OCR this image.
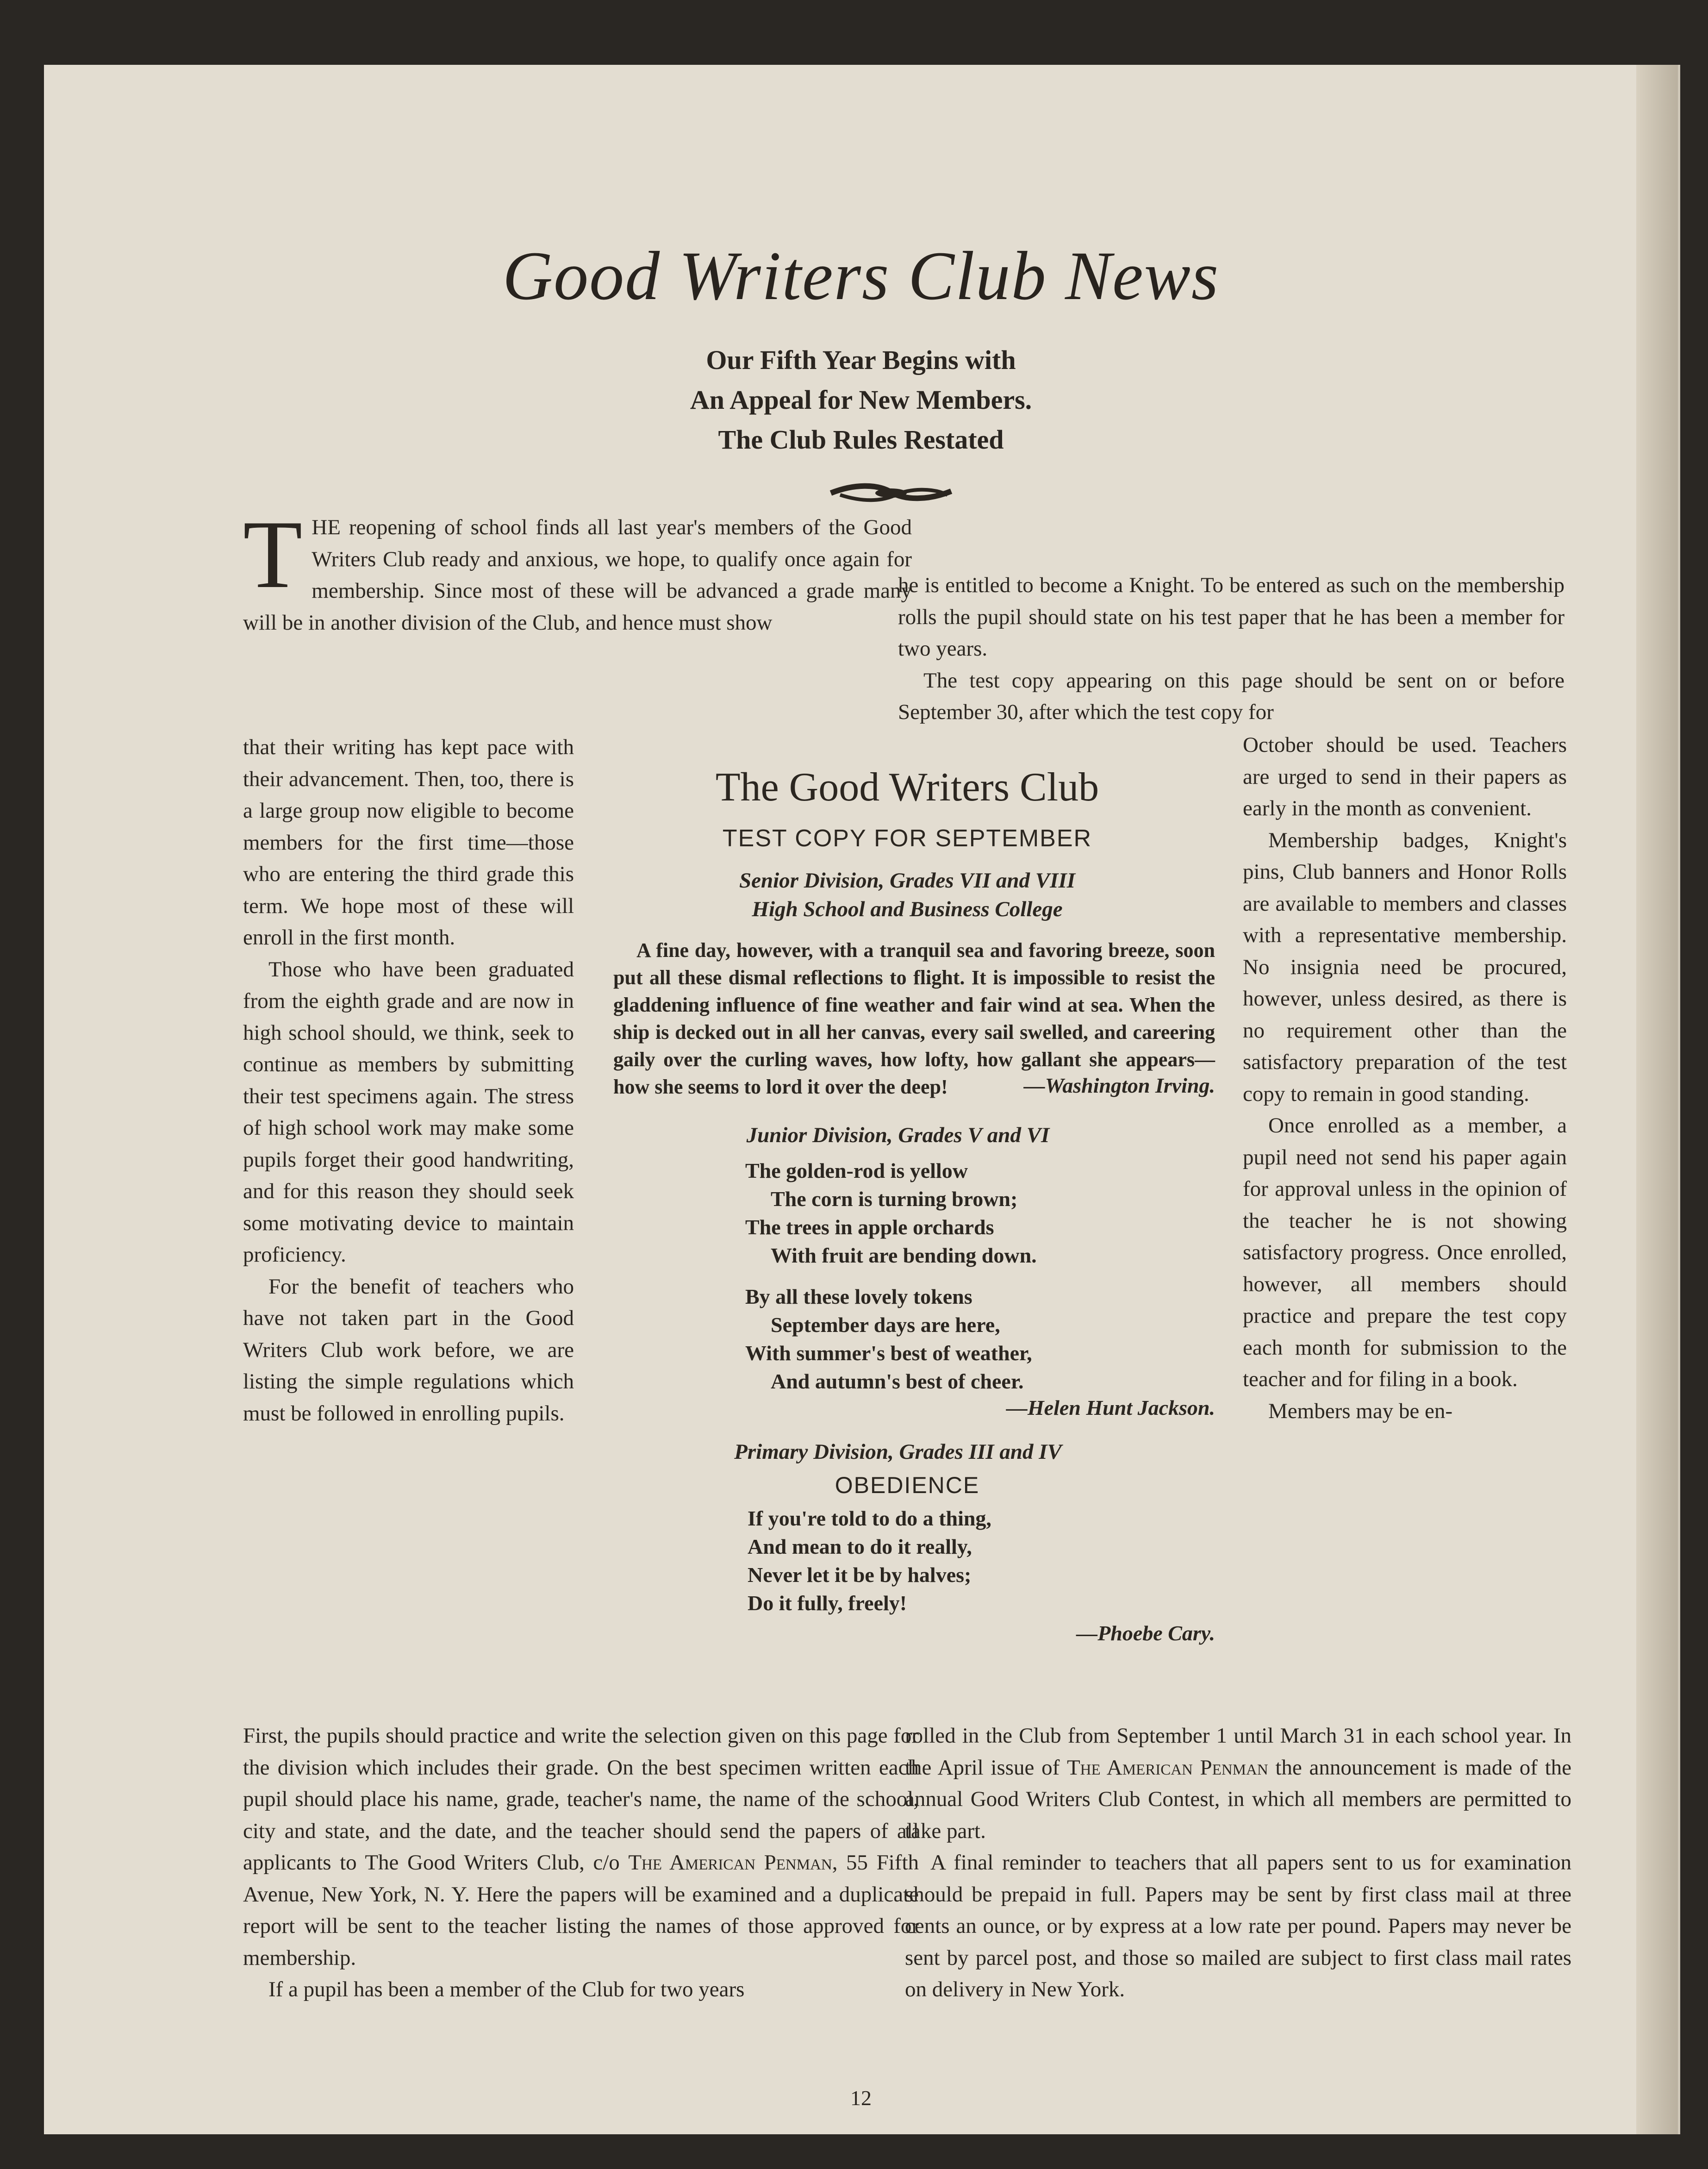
Good Writers Club News
Our Fifth Year Begins with
An Appeal for New Members.
The Club Rules Restated

THE reopening of school finds all last year's members of the Good Writers Club ready and anxious, we hope, to qualify once again for membership. Since most of these will be advanced a grade many will be in another division of the Club, and hence must show

that their writing has kept pace with their advancement. Then, too, there is a large group now eligible to become members for the first time—those who are entering the third grade this term. We hope most of these will enroll in the first month.

Those who have been graduated from the eighth grade and are now in high school should, we think, seek to continue as members by submitting their test specimens again. The stress of high school work may make some pupils forget their good handwriting, and for this reason they should seek some motivating device to maintain proficiency.

For the benefit of teachers who have not taken part in the Good Writers Club work before, we are listing the simple regulations which must be followed in enrolling pupils.

First, the pupils should practice and write the selection given on this page for the division which includes their grade. On the best specimen written each pupil should place his name, grade, teacher's name, the name of the school, city and state, and the date, and the teacher should send the papers of all applicants to The Good Writers Club, c/o The American Penman, 55 Fifth Avenue, New York, N. Y. Here the papers will be examined and a duplicate report will be sent to the teacher listing the names of those approved for membership.

If a pupil has been a member of the Club for two years

he is entitled to become a Knight. To be entered as such on the membership rolls the pupil should state on his test paper that he has been a member for two years.

The test copy appearing on this page should be sent on or before September 30, after which the test copy for

October should be used. Teachers are urged to send in their papers as early in the month as convenient.

Membership badges, Knight's pins, Club banners and Honor Rolls are available to members and classes with a representative membership. No insignia need be procured, however, unless desired, as there is no requirement other than the satisfactory preparation of the test copy to remain in good standing.

Once enrolled as a member, a pupil need not send his paper again for approval unless in the opinion of the teacher he is not showing satisfactory progress. Once enrolled, however, all members should practice and prepare the test copy each month for submission to the teacher and for filing in a book.

Members may be en-

rolled in the Club from September 1 until March 31 in each school year. In the April issue of The American Penman the announcement is made of the annual Good Writers Club Contest, in which all members are permitted to take part.

A final reminder to teachers that all papers sent to us for examination should be prepaid in full. Papers may be sent by first class mail at three cents an ounce, or by express at a low rate per pound. Papers may never be sent by parcel post, and those so mailed are subject to first class mail rates on delivery in New York.

The Good Writers Club

TEST COPY FOR SEPTEMBER

Senior Division, Grades VII and VIII

High School and Business College

A fine day, however, with a tranquil sea and favoring breeze, soon put all these dismal reflections to flight. It is impossible to resist the gladdening influence of fine weather and fair wind at sea. When the ship is decked out in all her canvas, every sail swelled, and careering gaily over the curling waves, how lofty, how gallant she appears—how she seems to lord it over the deep!	—Washington Irving.

Junior Division, Grades V and VI

The golden-rod is yellow
The corn is turning brown;
The trees in apple orchards
With fruit are bending down.
By all these lovely tokens
September days are here,
With summer's best of weather,
And autumn's best of cheer.

—Helen Hunt Jackson.

Primary Division, Grades III and IV

OBEDIENCE

If you're told to do a thing,
And mean to do it really,
Never let it be by halves;
Do it fully, freely!

—Phoebe Cary.

12
